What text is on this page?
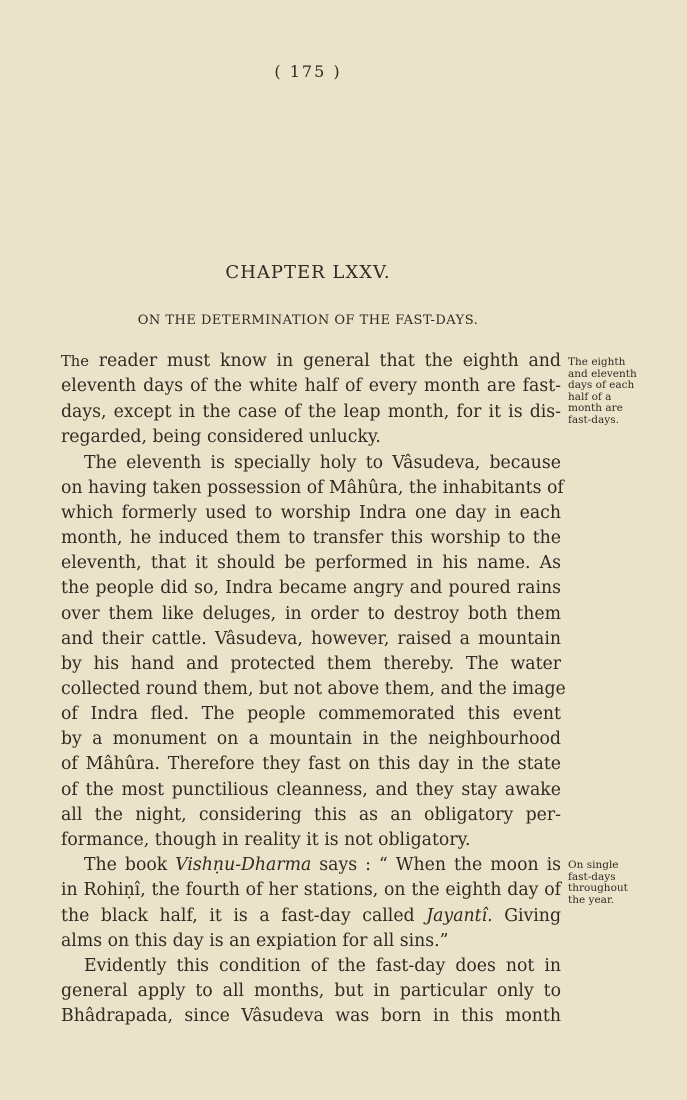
( 175 )
CHAPTER LXXV.
ON THE DETERMINATION OF THE FAST-DAYS.
The reader must know in general that the eighth and
eleventh days of the white half of every month are fast-
days, except in the case of the leap month, for it is dis-
regarded, being considered unlucky.
The eleventh is specially holy to Vâsudeva, because
on having taken possession of Mâhûra, the inhabitants of
which formerly used to worship Indra one day in each
month, he induced them to transfer this worship to the
eleventh, that it should be performed in his name. As
the people did so, Indra became angry and poured rains
over them like deluges, in order to destroy both them
and their cattle. Vâsudeva, however, raised a mountain
by his hand and protected them thereby. The water
collected round them, but not above them, and the image
of Indra fled. The people commemorated this event
by a monument on a mountain in the neighbourhood
of Mâhûra. Therefore they fast on this day in the state
of the most punctilious cleanness, and they stay awake
all the night, considering this as an obligatory per-
formance, though in reality it is not obligatory.
The book Vishṇu-Dharma says : “ When the moon is
in Rohiṇî, the fourth of her stations, on the eighth day of
the black half, it is a fast-day called Jayantî. Giving
alms on this day is an expiation for all sins.”
Evidently this condition of the fast-day does not in
general apply to all months, but in particular only to
Bhâdrapada, since Vâsudeva was born in this month
The eighth
and eleventh
days of each
half of a
month are
fast-days.
On single
fast-days
throughout
the year.
